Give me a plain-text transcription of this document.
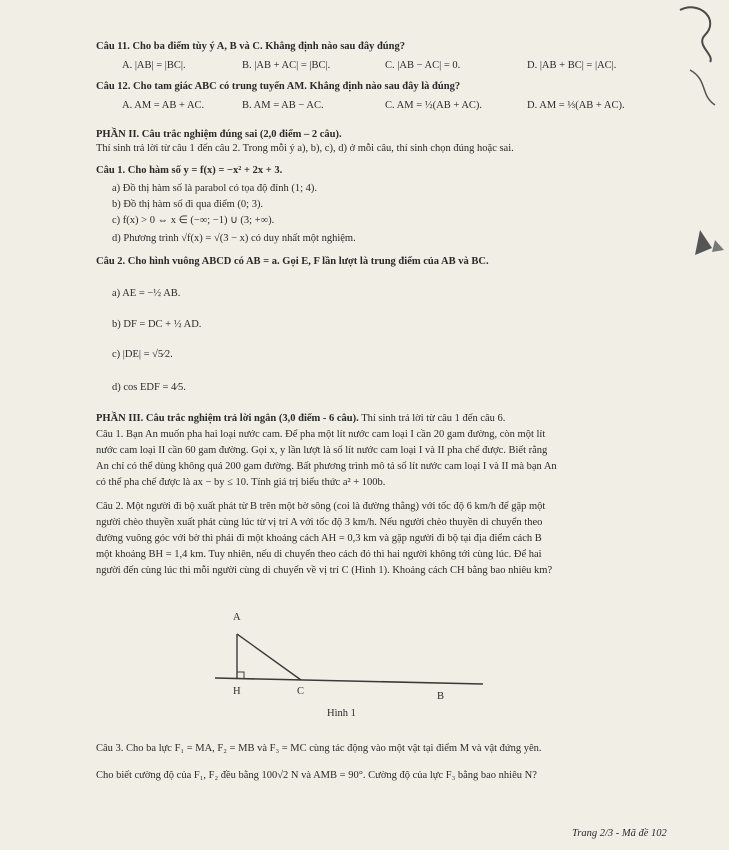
Câu 11. Cho ba điểm tùy ý A, B và C. Khẳng định nào sau đây đúng?
A. |AB| = |BC|.	B. |AB + AC| = |BC|.	C. |AB − AC| = 0.	D. |AB + BC| = |AC|.
Câu 12. Cho tam giác ABC có trung tuyến AM. Khẳng định nào sau đây là đúng?
A. AM = AB + AC.	B. AM = AB − AC.	C. AM = ½(AB + AC).	D. AM = ⅓(AB + AC).
PHẦN II. Câu trắc nghiệm đúng sai (2,0 điểm – 2 câu).
Thí sinh trả lời từ câu 1 đến câu 2. Trong mỗi ý a), b), c), d) ở mỗi câu, thí sinh chọn đúng hoặc sai.
Câu 1. Cho hàm số y = f(x) = −x² + 2x + 3.
a) Đồ thị hàm số là parabol có tọa độ đỉnh (1; 4).
b) Đồ thị hàm số đi qua điểm (0; 3).
c) f(x) > 0 ⇔ x ∈ (−∞; −1) ∪ (3; +∞).
d) Phương trình √f(x) = √(3 − x) có duy nhất một nghiệm.
Câu 2. Cho hình vuông ABCD có AB = a. Gọi E, F lần lượt là trung điểm của AB và BC.
a) AE = −½ AB.
b) DF = DC + ½ AD.
c) |DE| = √5⁄2.
d) cos EDF = 4⁄5.
PHẦN III. Câu trắc nghiệm trả lời ngắn (3,0 điểm - 6 câu). Thí sinh trả lời từ câu 1 đến câu 6.
Câu 1. Bạn An muốn pha hai loại nước cam. Để pha một lít nước cam loại I cần 20 gam đường, còn một lít
nước cam loại II cần 60 gam đường. Gọi x, y lần lượt là số lít nước cam loại I và II pha chế được. Biết rằng
An chỉ có thể dùng không quá 200 gam đường. Bất phương trình mô tả số lít nước cam loại I và II mà bạn An
có thể pha chế được là ax − by ≤ 10. Tính giá trị biểu thức a² + 100b.
Câu 2. Một người đi bộ xuất phát từ B trên một bờ sông (coi là đường thẳng) với tốc độ 6 km/h để gặp một
người chèo thuyền xuất phát cùng lúc từ vị trí A với tốc độ 3 km/h. Nếu người chèo thuyền di chuyển theo
đường vuông góc với bờ thì phải đi một khoảng cách AH = 0,3 km và gặp người đi bộ tại địa điểm cách B
một khoảng BH = 1,4 km. Tuy nhiên, nếu di chuyển theo cách đó thì hai người không tới cùng lúc. Để hai
người đến cùng lúc thì mỗi người cùng di chuyển về vị trí C (Hình 1). Khoảng cách CH bằng bao nhiêu km?
A
H	C	B
Hình 1
Câu 3. Cho ba lực F₁ = MA, F₂ = MB và F₃ = MC cùng tác động vào một vật tại điểm M và vật đứng yên.
Cho biết cường độ của F₁, F₂ đều bằng 100√2 N và AMB = 90°. Cường độ của lực F₃ bằng bao nhiêu N?
Trang 2/3 - Mã đề 102
